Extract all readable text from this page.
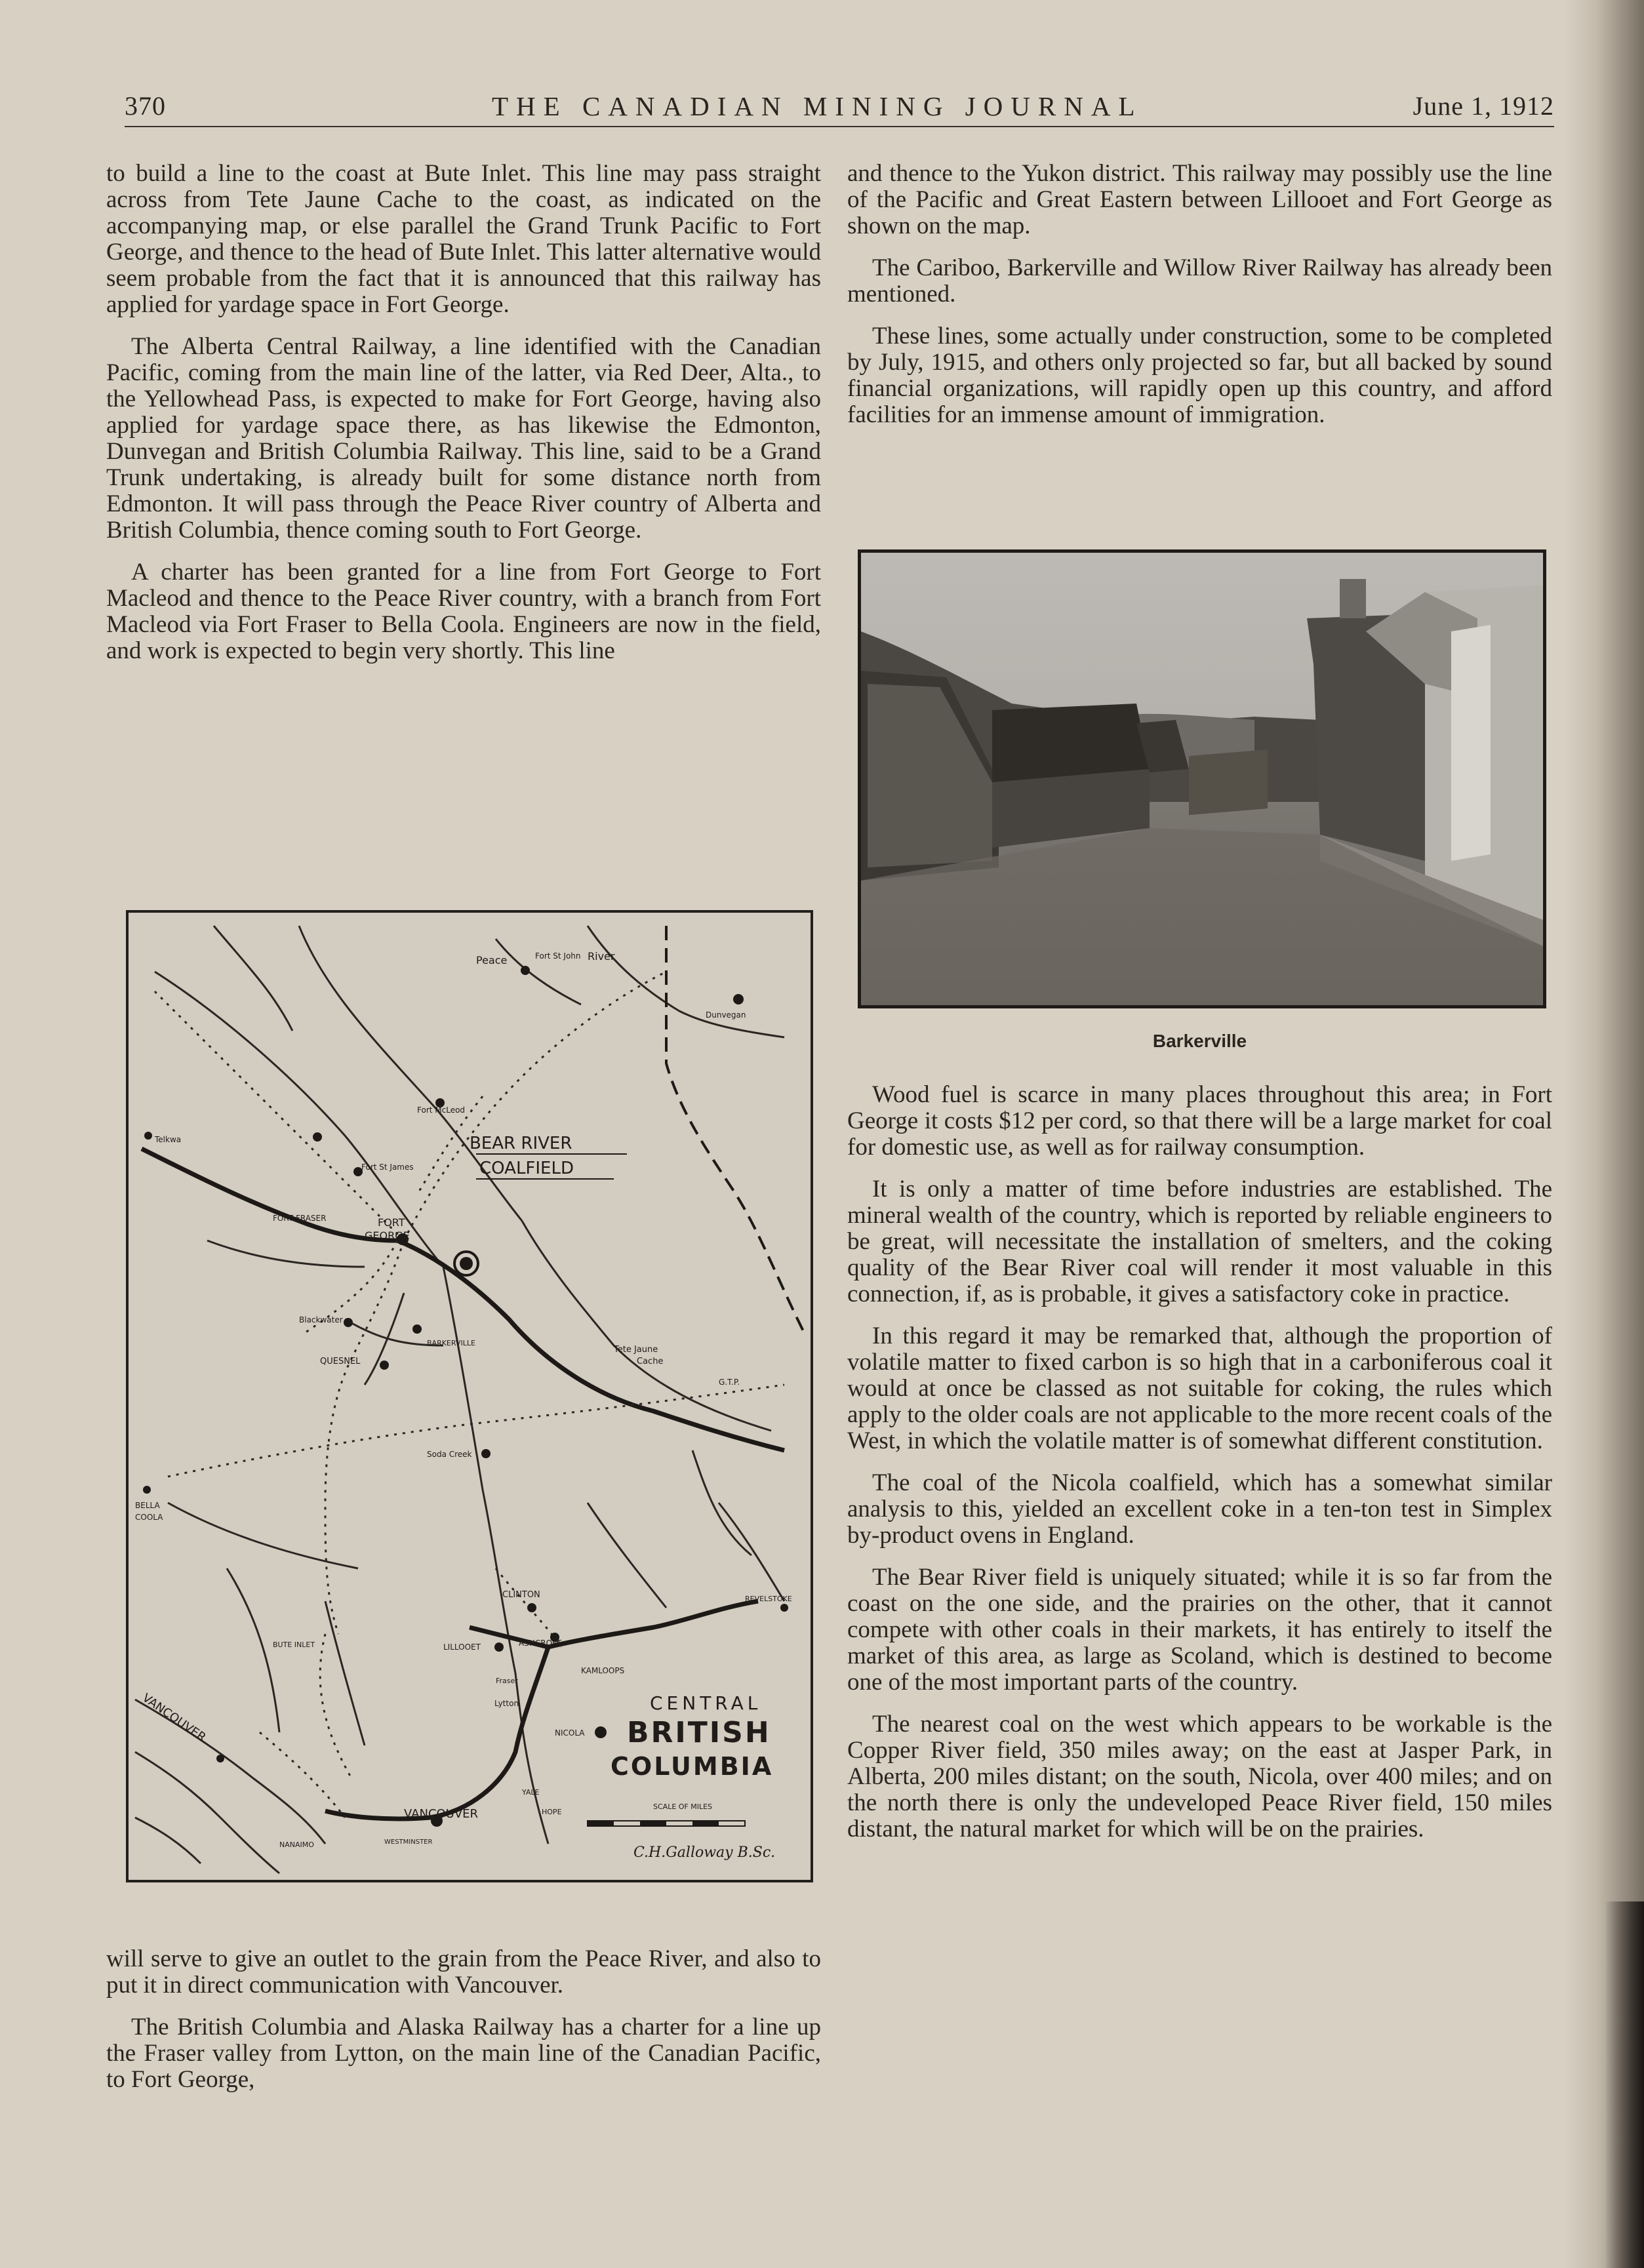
370	THE CANADIAN MINING JOURNAL	June 1, 1912

to build a line to the coast at Bute Inlet. This line may pass straight across from Tete Jaune Cache to the coast, as indicated on the accompanying map, or else parallel the Grand Trunk Pacific to Fort George, and thence to the head of Bute Inlet. This latter alternative would seem probable from the fact that it is announced that this railway has applied for yardage space in Fort George.

The Alberta Central Railway, a line identified with the Canadian Pacific, coming from the main line of the latter, via Red Deer, Alta., to the Yellowhead Pass, is expected to make for Fort George, having also applied for yardage space there, as has likewise the Edmonton, Dunvegan and British Columbia Railway. This line, said to be a Grand Trunk undertaking, is already built for some distance north from Edmonton. It will pass through the Peace River country of Alberta and British Columbia, thence coming south to Fort George.

A charter has been granted for a line from Fort George to Fort Macleod and thence to the Peace River country, with a branch from Fort Macleod via Fort Fraser to Bella Coola. Engineers are now in the field, and work is expected to begin very shortly. This line

BEAR RIVER
COALFIELD
FORT
GEORGE
FORT FRASER
Fort St James
Fort McLeod
Fort St John
Peace	River
Dunvegan
Telkwa
Blackwater
QUESNEL
BARKERVILLE
Tete Jaune
Cache
BELLA
COOLA
Soda Creek
CLINTON
ASHCROFT
LILLOOET
KAMLOOPS
REVELSTOKE
Lytton
NICOLA
VANCOUVER
VANCOUVER
BUTE INLET
NANAIMO
HOPE
YALE
WESTMINSTER
Fraser
G.T.P.
CENTRAL
BRITISH
COLUMBIA
SCALE OF MILES
C.H.Galloway B.Sc.

will serve to give an outlet to the grain from the Peace River, and also to put it in direct communication with Vancouver.

The British Columbia and Alaska Railway has a charter for a line up the Fraser valley from Lytton, on the main line of the Canadian Pacific, to Fort George,

and thence to the Yukon district. This railway may possibly use the line of the Pacific and Great Eastern between Lillooet and Fort George as shown on the map.

The Cariboo, Barkerville and Willow River Railway has already been mentioned.

These lines, some actually under construction, some to be completed by July, 1915, and others only projected so far, but all backed by sound financial organizations, will rapidly open up this country, and afford facilities for an immense amount of immigration.

Barkerville

Wood fuel is scarce in many places throughout this area; in Fort George it costs $12 per cord, so that there will be a large market for coal for domestic use, as well as for railway consumption.

It is only a matter of time before industries are established. The mineral wealth of the country, which is reported by reliable engineers to be great, will necessitate the installation of smelters, and the coking quality of the Bear River coal will render it most valuable in this connection, if, as is probable, it gives a satisfactory coke in practice.

In this regard it may be remarked that, although the proportion of volatile matter to fixed carbon is so high that in a carboniferous coal it would at once be classed as not suitable for coking, the rules which apply to the older coals are not applicable to the more recent coals of the West, in which the volatile matter is of somewhat different constitution.

The coal of the Nicola coalfield, which has a somewhat similar analysis to this, yielded an excellent coke in a ten-ton test in Simplex by-product ovens in England.

The Bear River field is uniquely situated; while it is so far from the coast on the one side, and the prairies on the other, that it cannot compete with other coals in their markets, it has entirely to itself the market of this area, as large as Scoland, which is destined to become one of the most important parts of the country.

The nearest coal on the west which appears to be workable is the Copper River field, 350 miles away; on the east at Jasper Park, in Alberta, 200 miles distant; on the south, Nicola, over 400 miles; and on the north there is only the undeveloped Peace River field, 150 miles distant, the natural market for which will be on the prairies.
